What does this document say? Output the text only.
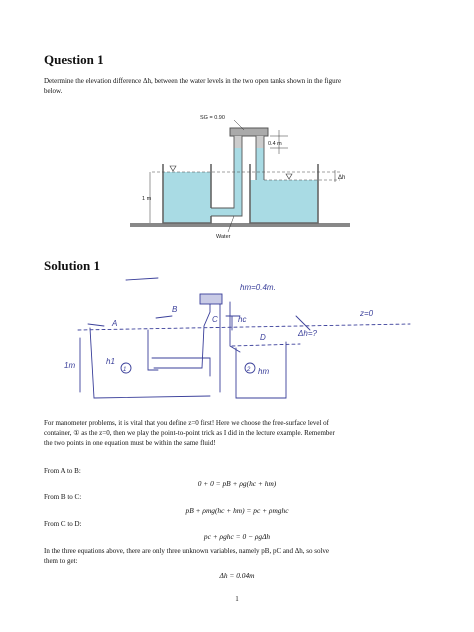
Question 1
Determine the elevation difference Δh, between the water levels in the two open tanks shown in the figure
below.
0.4 m
1 m
Δh
SG = 0.90
Water
Solution 1
hm=0.4m.
B
A	C
D
z=0
Δh=?
1m
hc
hm
h1
1	2
For manometer problems, it is vital that you define z=0 first! Here we choose the free-surface level of
container, ① as the z=0, then we play the point-to-point trick as I did in the lecture example. Remember
the two points in one equation must be within the same fluid!
From A to B:
0 + 0 = pB + ρg(hc + hm)
From B to C:
pB + ρmg(hc + hm) = pc + ρmghc
From C to D:
pc + ρghc = 0 − ρgΔh
In the three equations above, there are only three unknown variables, namely pB, pC and Δh, so solve
them to get:
Δh = 0.04m
1
